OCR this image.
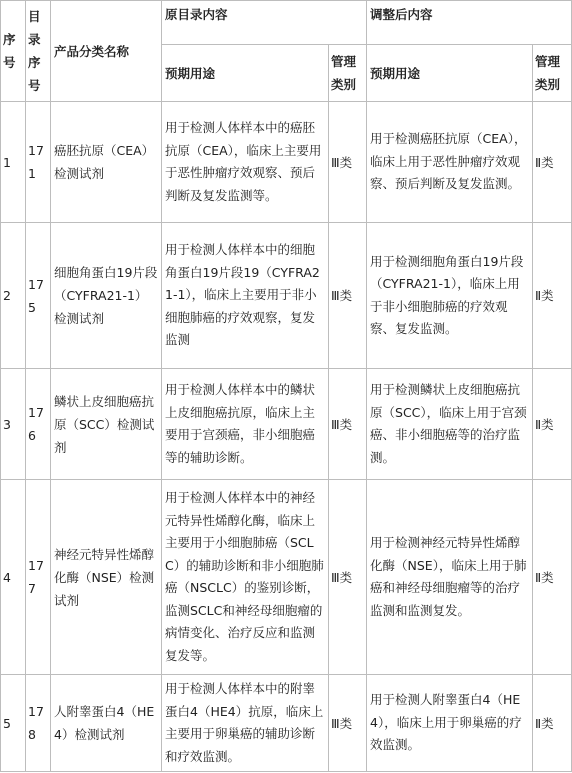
序号	目录序号	产品分类名称	原目录内容		调整后内容	
			预期用途	管理类别	预期用途	管理类别
1	171	癌胚抗原（CEA）检测试剂	用于检测人体样本中的癌胚抗原（CEA），临床上主要用于恶性肿瘤疗效观察、预后判断及复发监测等。	Ⅲ类	用于检测癌胚抗原（CEA），临床上用于恶性肿瘤疗效观察、预后判断及复发监测。	Ⅱ类
2	175	细胞角蛋白19片段（CYFRA21-1）检测试剂	用于检测人体样本中的细胞角蛋白19片段19（CYFRA21-1），临床上主要用于非小细胞肺癌的疗效观察，复发监测	Ⅲ类	用于检测细胞角蛋白19片段（CYFRA21-1），临床上用于非小细胞肺癌的疗效观察、复发监测。	Ⅱ类
3	176	鳞状上皮细胞癌抗原（SCC）检测试剂	用于检测人体样本中的鳞状上皮细胞癌抗原，临床上主要用于宫颈癌，非小细胞癌等的辅助诊断。	Ⅲ类	用于检测鳞状上皮细胞癌抗原（SCC），临床上用于宫颈癌、非小细胞癌等的治疗监测。	Ⅱ类
4	177	神经元特异性烯醇化酶（NSE）检测试剂	用于检测人体样本中的神经元特异性烯醇化酶，临床上主要用于小细胞肺癌（SCLC）的辅助诊断和非小细胞肺癌（NSCLC）的鉴别诊断，监测SCLC和神经母细胞瘤的病情变化、治疗反应和监测复发等。	Ⅲ类	用于检测神经元特异性烯醇化酶（NSE），临床上用于肺癌和神经母细胞瘤等的治疗监测和监测复发。	Ⅱ类
5	178	人附睾蛋白4（HE4）检测试剂	用于检测人体样本中的附睾蛋白4（HE4）抗原，临床上主要用于卵巢癌的辅助诊断和疗效监测。	Ⅲ类	用于检测人附睾蛋白4（HE4），临床上用于卵巢癌的疗效监测。	Ⅱ类
